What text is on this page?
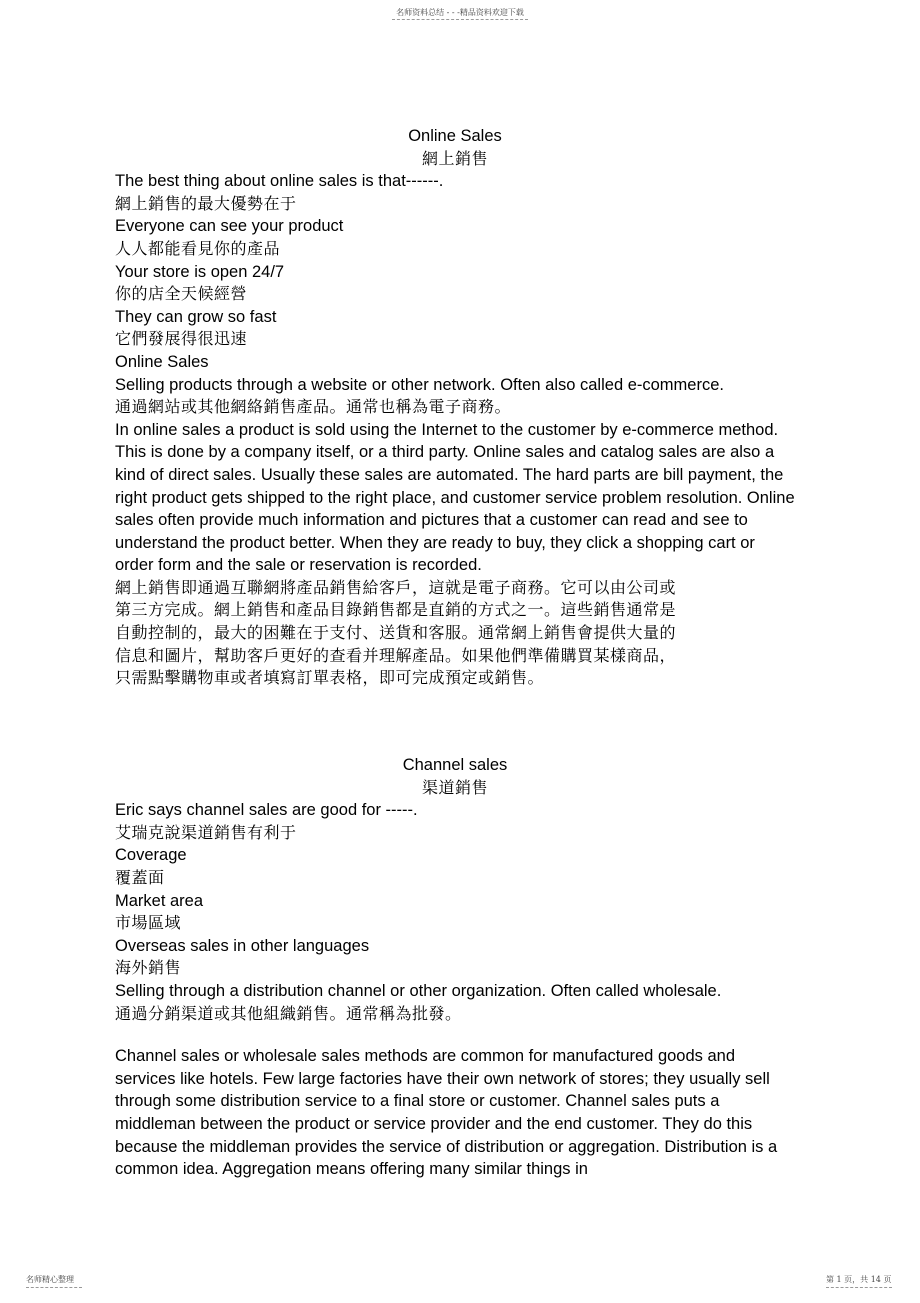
名师资料总结 - - -精品资料欢迎下载
Online Sales
網上銷售
The best thing about online sales is that------.
網上銷售的最大優勢在于
Everyone can see your product
人人都能看見你的產品
Your store is open 24/7
你的店全天候經營
They can grow so fast
它們發展得很迅速
Online Sales
Selling products through a website or other network. Often also called e-commerce.
通過網站或其他網絡銷售產品。通常也稱為電子商務。

In online sales a product is sold using the Internet to the customer by e-commerce method. This is done by a company itself, or a third party. Online sales and catalog sales are also a kind of direct sales. Usually these sales are automated. The hard parts are bill payment, the right product gets shipped to the right place, and customer service problem resolution. Online sales often provide much information and pictures that a customer can read and see to understand the product better. When they are ready to buy, they click a shopping cart or order form and the sale or reservation is recorded.

網上銷售即通過互聯網將產品銷售給客戶，這就是電子商務。它可以由公司或
第三方完成。網上銷售和產品目錄銷售都是直銷的方式之一。這些銷售通常是
自動控制的，最大的困難在于支付、送貨和客服。通常網上銷售會提供大量的
信息和圖片，幫助客戶更好的查看并理解產品。如果他們準備購買某樣商品，
只需點擊購物車或者填寫訂單表格，即可完成預定或銷售。
Channel sales
渠道銷售
Eric says channel sales are good for -----.
艾瑞克說渠道銷售有利于
Coverage
覆蓋面
Market area
市場區域
Overseas sales in other languages
海外銷售
Selling through a distribution channel or other organization. Often called wholesale.
通過分銷渠道或其他組織銷售。通常稱為批發。

Channel sales or wholesale sales methods are common for manufactured goods and services like hotels. Few large factories have their own network of stores; they usually sell through some distribution service to a final store or customer. Channel sales puts a middleman between the product or service provider and the end customer. They do this because the middleman provides the service of distribution or aggregation. Distribution is a common idea. Aggregation means offering many similar things in

名师精心整理	第 1 页，共 14 页
